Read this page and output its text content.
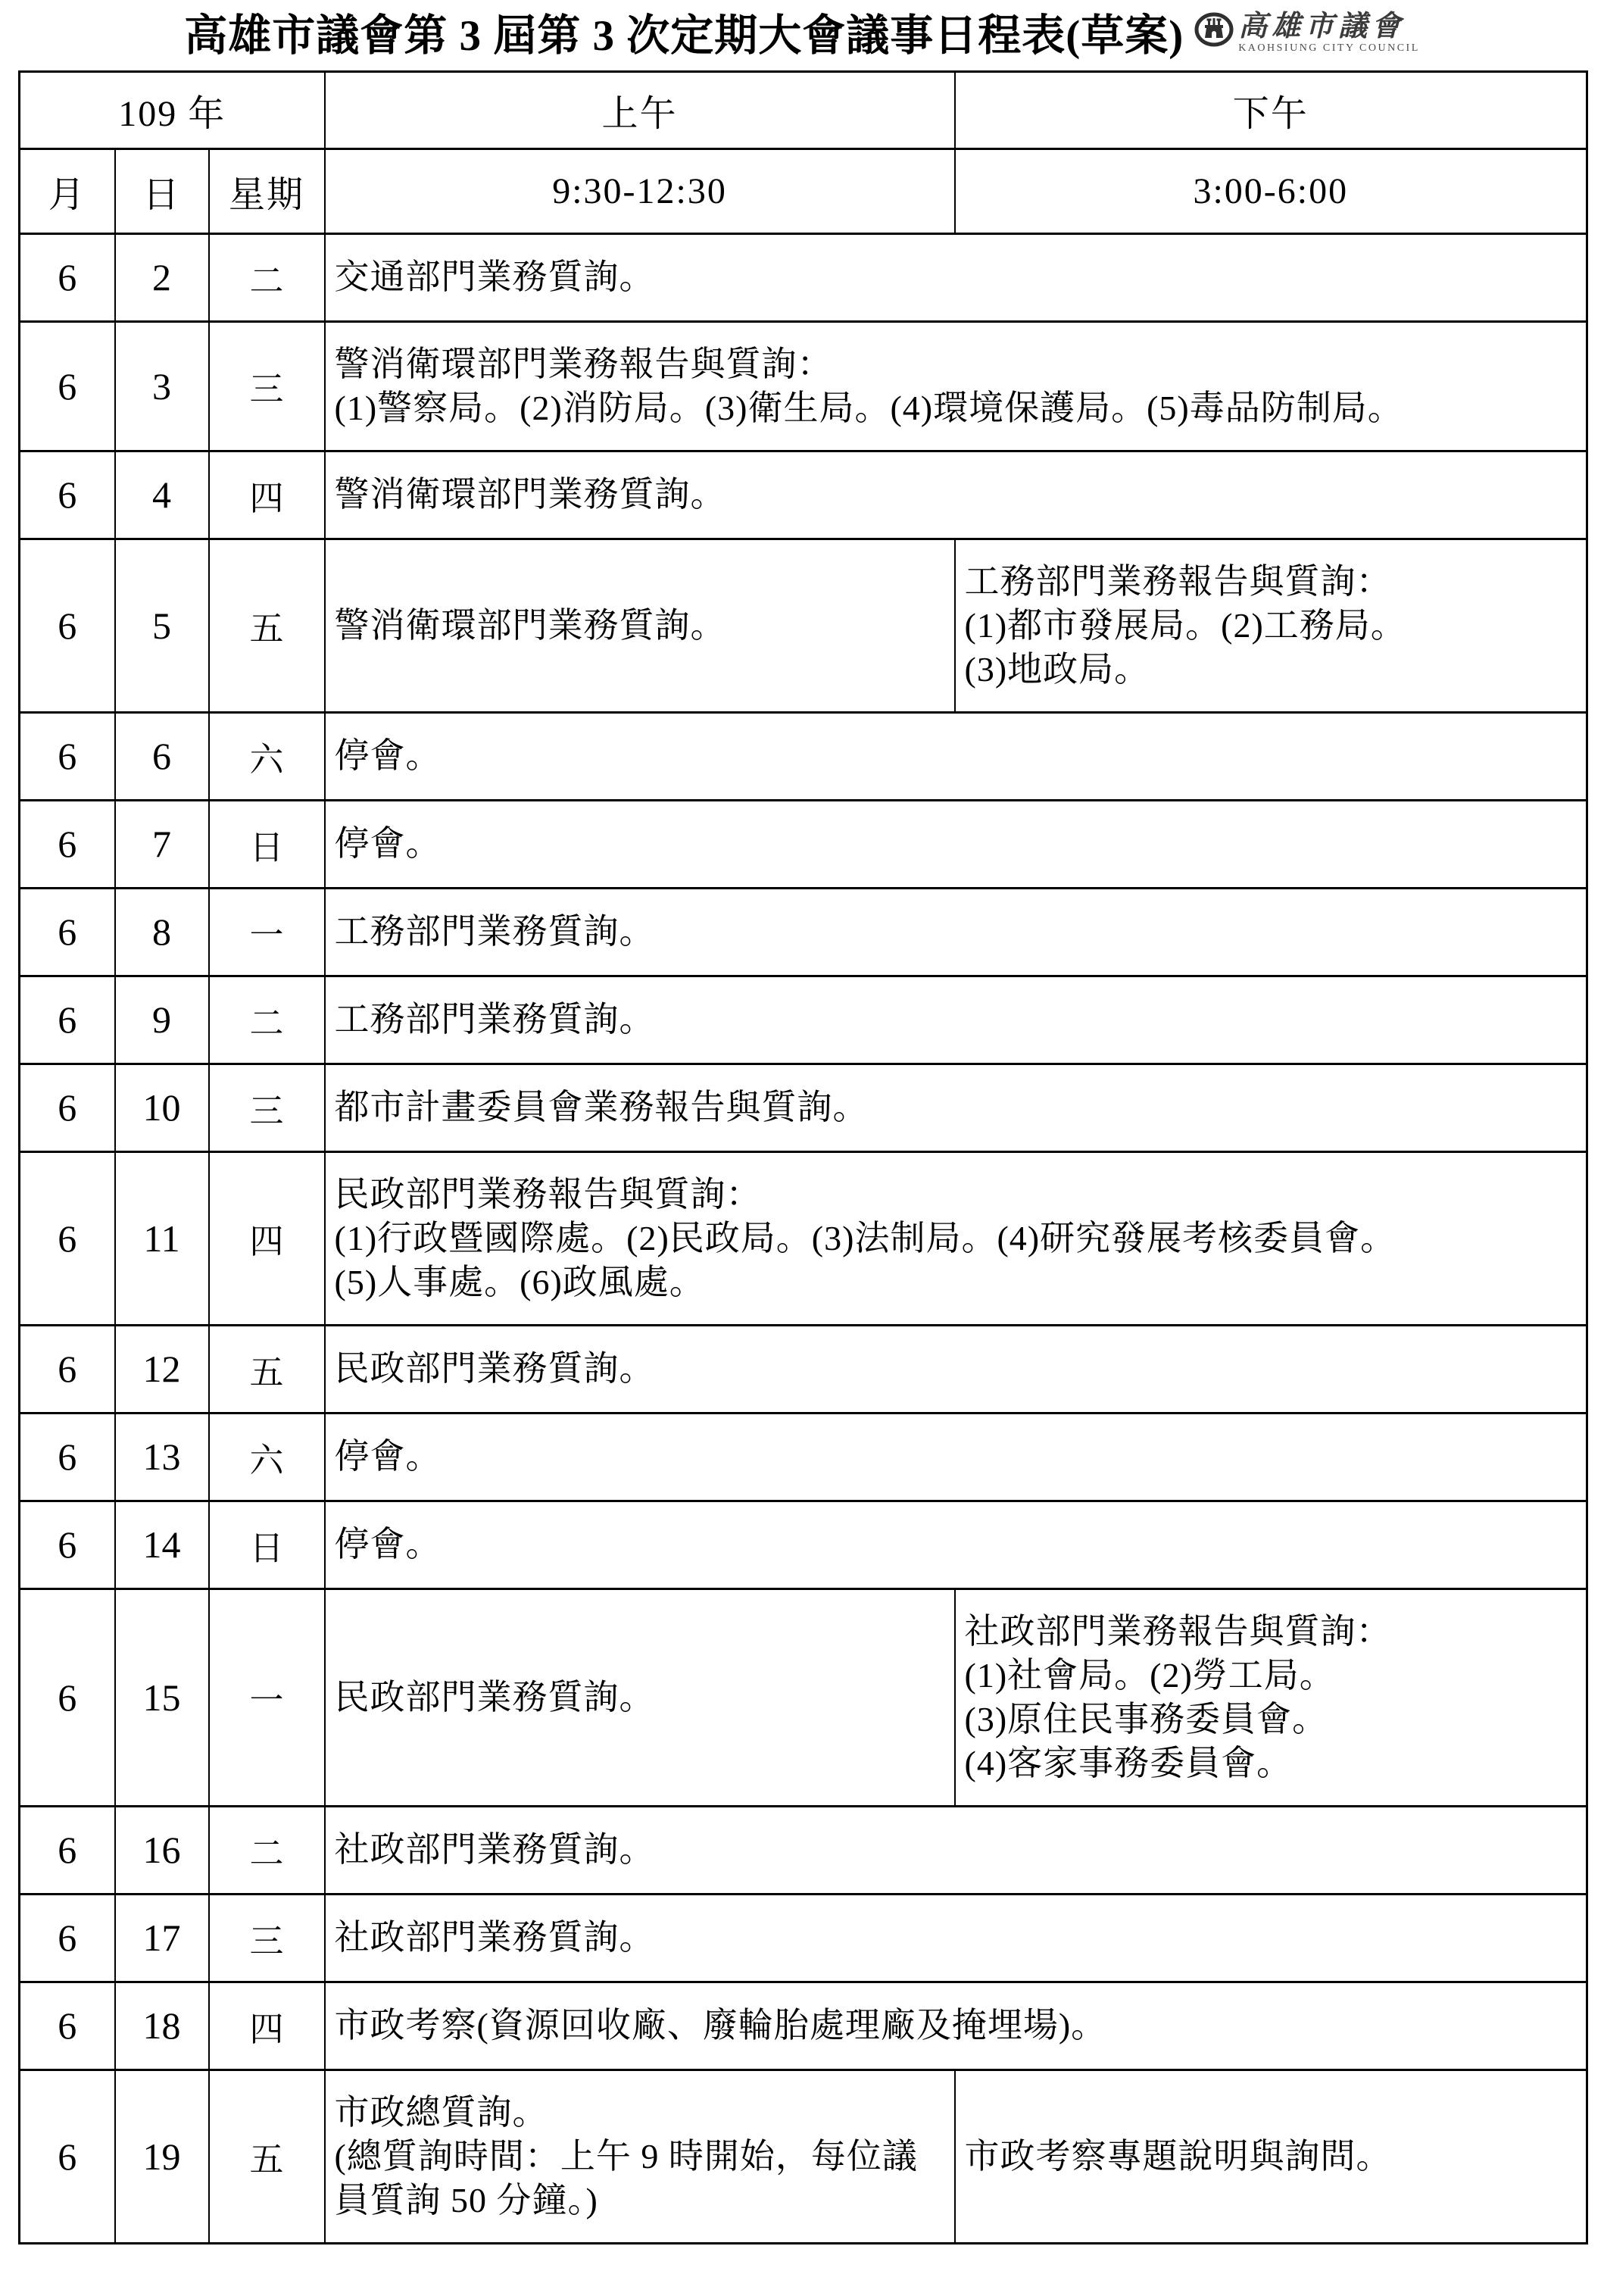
高雄市議會第 3 屆第 3 次定期大會議事日程表(草案) 高雄市議會
KAOHSIUNG CITY COUNCIL
109 年			上午	下午
月	日	星期	9:30-12:30	3:00-6:00
6	2	二	交通部門業務質詢。	

6	3	三	警消衛環部門業務報告與質詢：
(1)警察局。(2)消防局。(3)衛生局。(4)環境保護局。(5)毒品防制局。	

6	4	四	警消衛環部門業務質詢。	

6	5	五	警消衛環部門業務質詢。	工務部門業務報告與質詢：
(1)都市發展局。(2)工務局。
(3)地政局。

6	6	六	停會。	

6	7	日	停會。	

6	8	一	工務部門業務質詢。	

6	9	二	工務部門業務質詢。	

6	10	三	都市計畫委員會業務報告與質詢。	

6	11	四	民政部門業務報告與質詢：
(1)行政暨國際處。(2)民政局。(3)法制局。(4)研究發展考核委員會。
(5)人事處。(6)政風處。	

6	12	五	民政部門業務質詢。	

6	13	六	停會。	

6	14	日	停會。	

6	15	一	民政部門業務質詢。	社政部門業務報告與質詢：
(1)社會局。(2)勞工局。
(3)原住民事務委員會。
(4)客家事務委員會。

6	16	二	社政部門業務質詢。	

6	17	三	社政部門業務質詢。	

6	18	四	市政考察(資源回收廠、廢輪胎處理廠及掩埋場)。	

6	19	五	市政總質詢。
(總質詢時間：上午 9 時開始，每位議員質詢 50 分鐘。)	市政考察專題說明與詢問。
